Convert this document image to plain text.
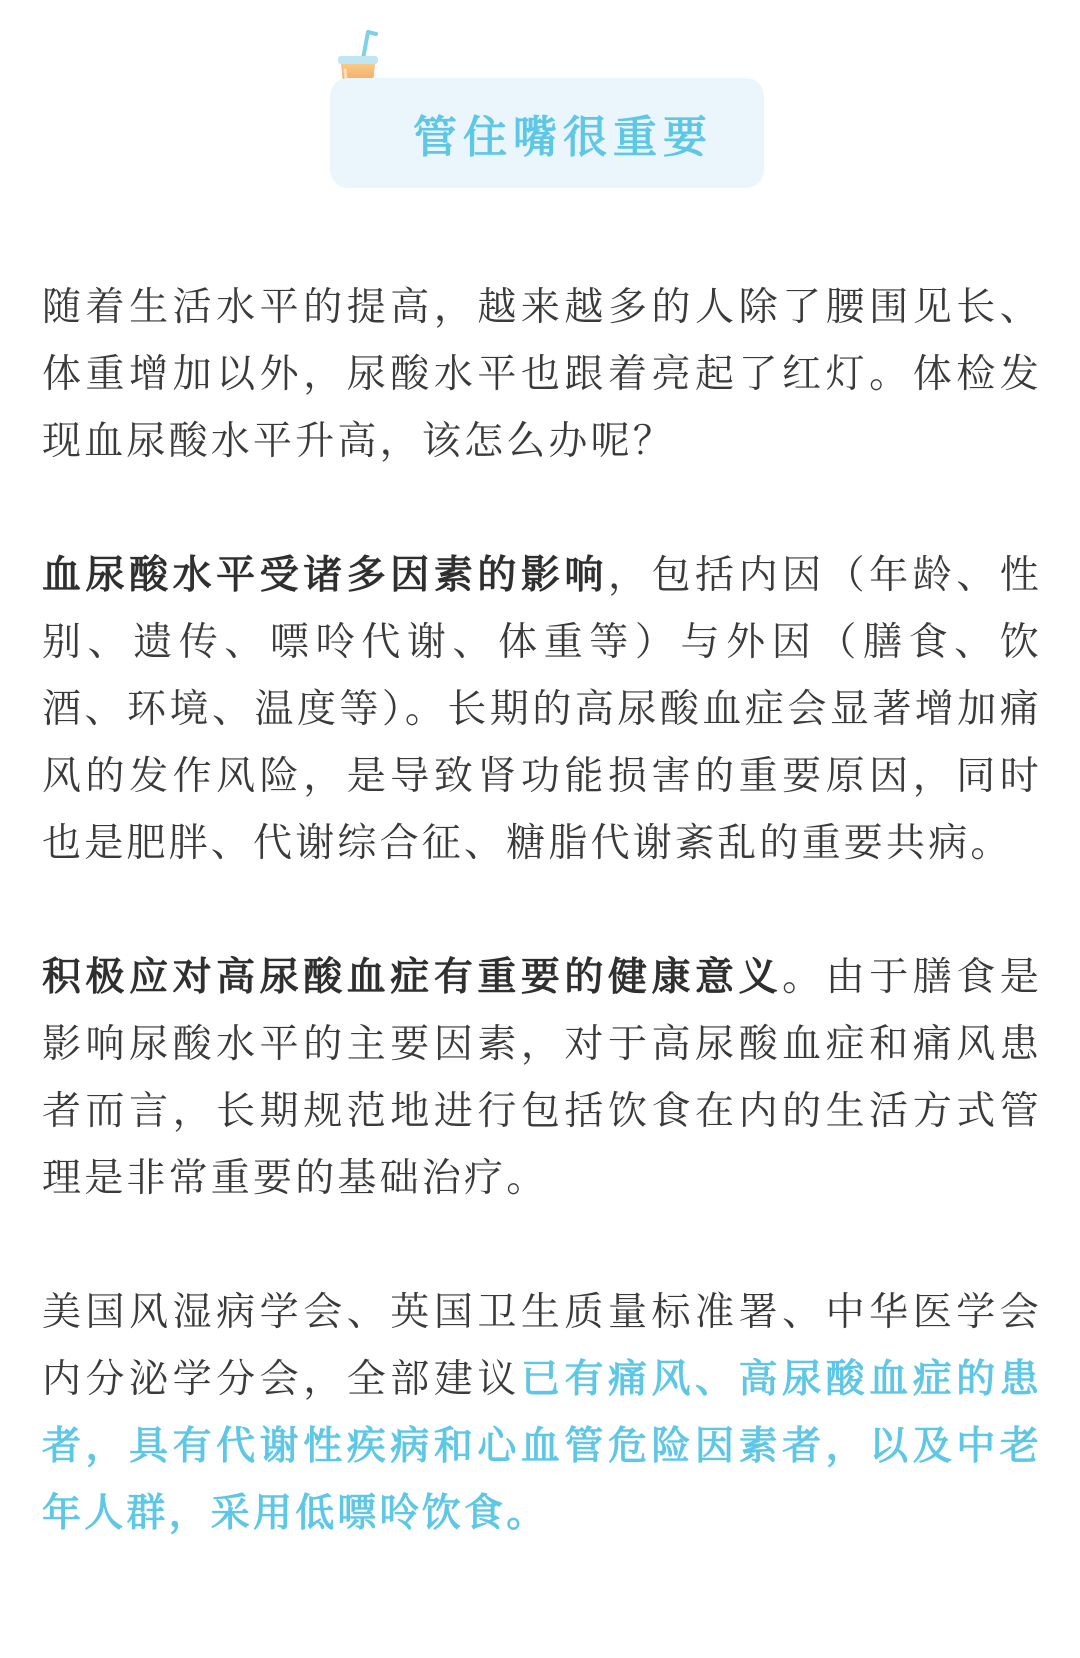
管住嘴很重要

随着生活水平的提高，越来越多的人除了腰围见长、体重增加以外，尿酸水平也跟着亮起了红灯。体检发现血尿酸水平升高，该怎么办呢？

血尿酸水平受诸多因素的影响，包括内因（年龄、性别、遗传、嘌呤代谢、体重等）与外因（膳食、饮酒、环境、温度等）。长期的高尿酸血症会显著增加痛风的发作风险，是导致肾功能损害的重要原因，同时也是肥胖、代谢综合征、糖脂代谢紊乱的重要共病。

积极应对高尿酸血症有重要的健康意义。由于膳食是影响尿酸水平的主要因素，对于高尿酸血症和痛风患者而言，长期规范地进行包括饮食在内的生活方式管理是非常重要的基础治疗。

美国风湿病学会、英国卫生质量标准署、中华医学会内分泌学分会，全部建议已有痛风、高尿酸血症的患者，具有代谢性疾病和心血管危险因素者，以及中老年人群，采用低嘌呤饮食。
